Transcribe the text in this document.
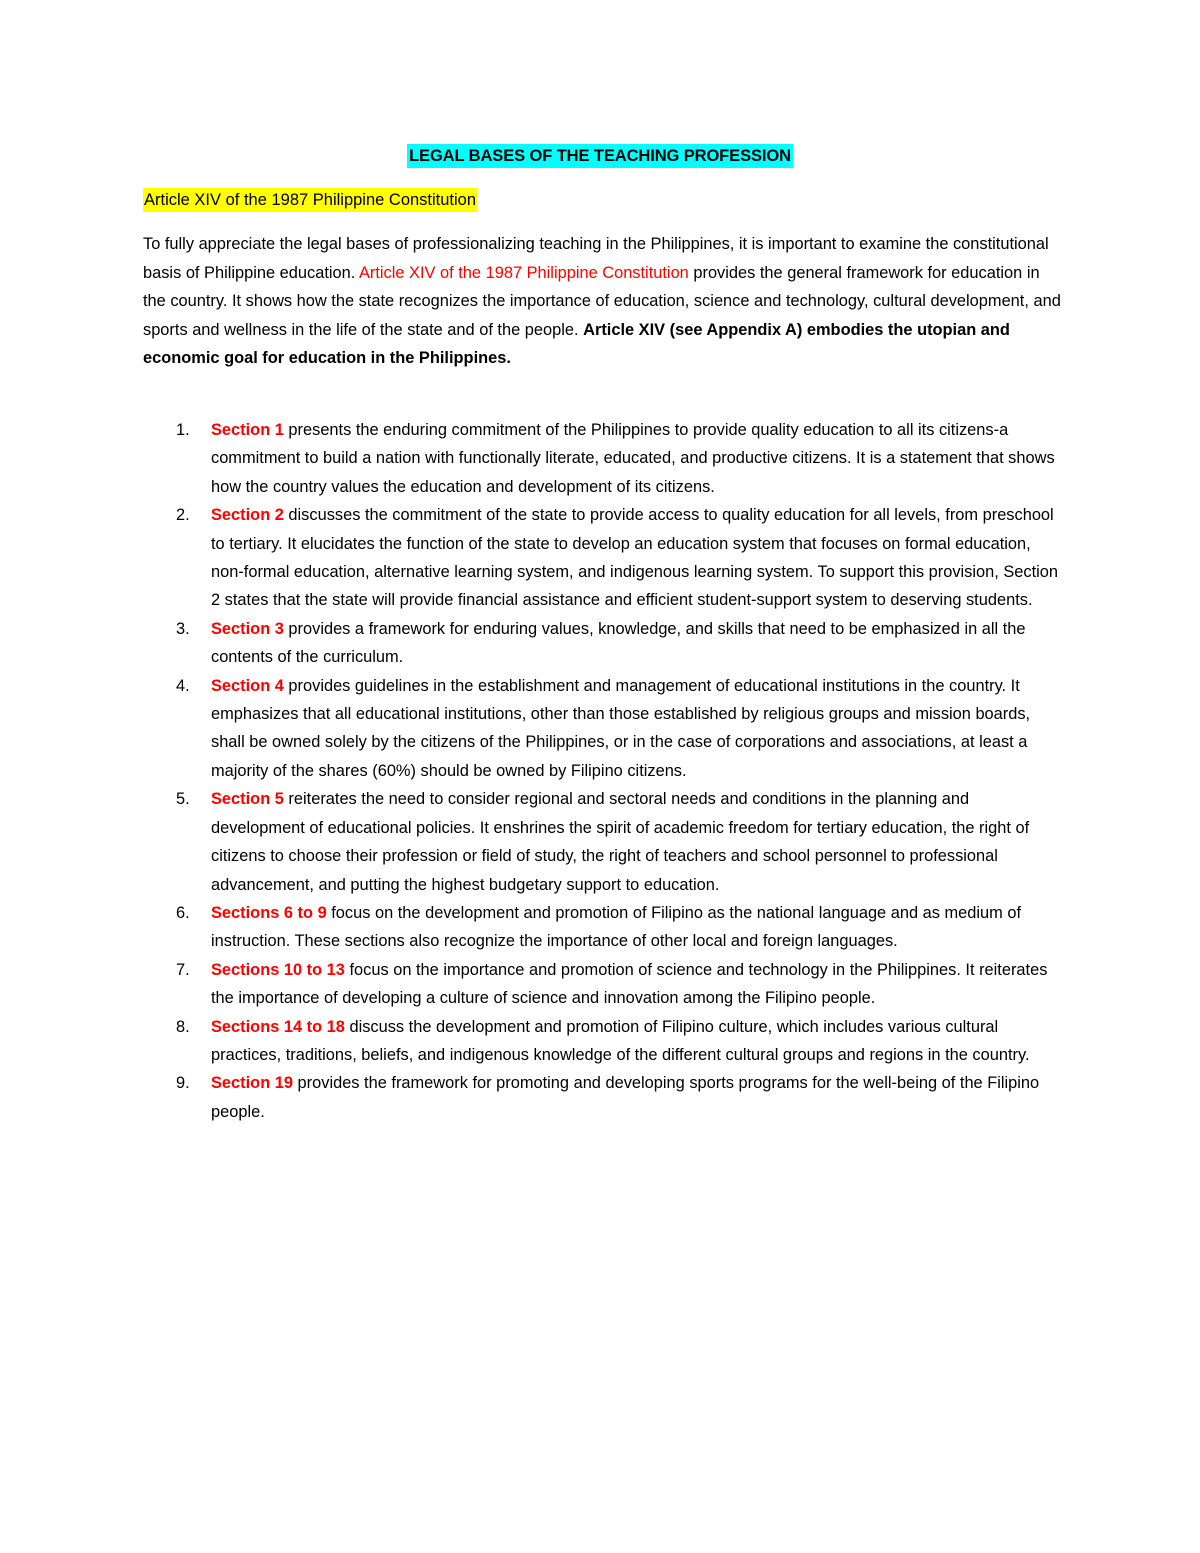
LEGAL BASES OF THE TEACHING PROFESSION
Article XIV of the 1987 Philippine Constitution

To fully appreciate the legal bases of professionalizing teaching in the Philippines, it is important to examine the constitutional basis of Philippine education. Article XIV of the 1987 Philippine Constitution provides the general framework for education in the country. It shows how the state recognizes the importance of education, science and technology, cultural development, and sports and wellness in the life of the state and of the people. Article XIV (see Appendix A) embodies the utopian and economic goal for education in the Philippines.

1. Section 1 presents the enduring commitment of the Philippines to provide quality education to all its citizens-a commitment to build a nation with functionally literate, educated, and productive citizens. It is a statement that shows how the country values the education and development of its citizens.
2. Section 2 discusses the commitment of the state to provide access to quality education for all levels, from preschool to tertiary. It elucidates the function of the state to develop an education system that focuses on formal education, non-formal education, alternative learning system, and indigenous learning system. To support this provision, Section 2 states that the state will provide financial assistance and efficient student-support system to deserving students.
3. Section 3 provides a framework for enduring values, knowledge, and skills that need to be emphasized in all the contents of the curriculum.
4. Section 4 provides guidelines in the establishment and management of educational institutions in the country. It emphasizes that all educational institutions, other than those established by religious groups and mission boards, shall be owned solely by the citizens of the Philippines, or in the case of corporations and associations, at least a majority of the shares (60%) should be owned by Filipino citizens.
5. Section 5 reiterates the need to consider regional and sectoral needs and conditions in the planning and development of educational policies. It enshrines the spirit of academic freedom for tertiary education, the right of citizens to choose their profession or field of study, the right of teachers and school personnel to professional advancement, and putting the highest budgetary support to education.
6. Sections 6 to 9 focus on the development and promotion of Filipino as the national language and as medium of instruction. These sections also recognize the importance of other local and foreign languages.
7. Sections 10 to 13 focus on the importance and promotion of science and technology in the Philippines. It reiterates the importance of developing a culture of science and innovation among the Filipino people.
8. Sections 14 to 18 discuss the development and promotion of Filipino culture, which includes various cultural practices, traditions, beliefs, and indigenous knowledge of the different cultural groups and regions in the country.
9. Section 19 provides the framework for promoting and developing sports programs for the well-being of the Filipino people.
